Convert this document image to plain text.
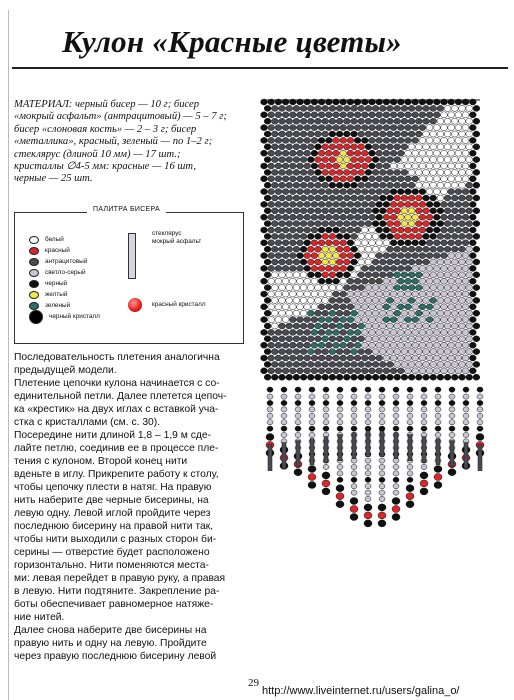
Кулон «Красные цветы»
МАТЕРИАЛ: черный бисер — 10 г; бисер
«мокрый асфальт» (антрацитовый) — 5 – 7 г;
бисер «слоновая кость» — 2 – 3 г; бисер
«металлика», красный, зеленый — по 1–2 г;
стеклярус (длиной 10 мм) — 17 шт.;
кристаллы ∅4-5 мм: красные — 16 шт,
черные — 25 шт.
ПАЛИТРА БИСЕРА
белый
красный
антрацитовый
светло-серый
черный
желтый
зеленый
черный кристалл
стеклярус
мокрый асфальт
красный кристалл
Последовательность плетения аналогична
предыдущей модели.
Плетение цепочки кулона начинается с со-
единительной петли. Далее плетется цепоч-
ка «крестик» на двух иглах с вставкой уча-
стка с кристаллами (см. с. 30).
Посередине нити длиной 1,8 – 1,9 м сде-
лайте петлю, соединив ее в процессе пле-
тения с кулоном. Второй конец нити
вденьте в иглу. Прикрепите работу к столу,
чтобы цепочку плести в натяг. На правую
нить наберите две черные бисерины, на
левую одну. Левой иглой пройдите через
последнюю бисерину на правой нити так,
чтобы нити выходили с разных сторон би-
серины — отверстие будет расположено
горизонтально. Нити поменяются места-
ми: левая перейдет в правую руку, а правая
в левую. Нити подтяните. Закрепление ра-
боты обеспечивает равномерное натяже-
ние нитей.
Далее снова наберите две бисерины на
правую нить и одну на левую. Пройдите
через правую последнюю бисерину левой
2
29
http://www.liveinternet.ru/users/galina_o/
